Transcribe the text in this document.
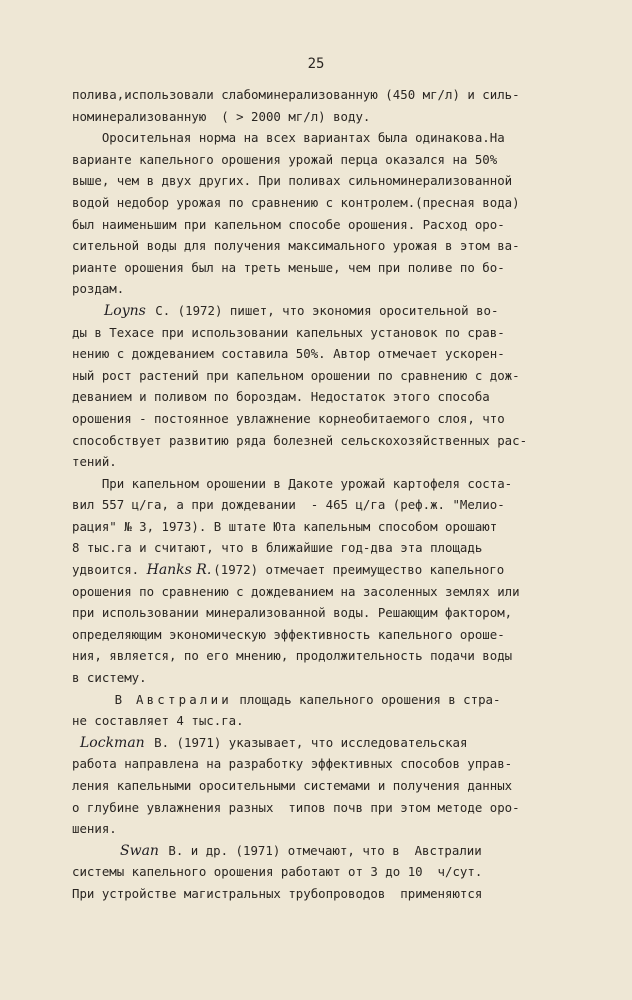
25
полива,использовали слабоминерализованную (450 мг/л) и силь-
номинерализованную  ( > 2000 мг/л) воду.
Оросительная норма на всех вариантах была одинакова.На
варианте капельного орошения урожай перца оказался на 50%
выше, чем в двух других. При поливах сильноминерализованной
водой недобор урожая по сравнению с контролем.(пресная вода)
был наименьшим при капельном способе орошения. Расход оро-
сительной воды для получения максимального урожая в этом ва-
рианте орошения был на треть меньше, чем при поливе по бо-
роздам.
Loyns С. (1972) пишет, что экономия оросительной во-
ды в Техасе при использовании капельных установок по срав-
нению с дождеванием составила 50%. Автор отмечает ускорен-
ный рост растений при капельном орошении по сравнению с дож-
деванием и поливом по бороздам. Недостаток этого способа
орошения - постоянное увлажнение корнеобитаемого слоя, что
способствует развитию ряда болезней сельскохозяйственных рас-
тений.
При капельном орошении в Дакоте урожай картофеля соста-
вил 557 ц/га, а при дождевании  - 465 ц/га (реф.ж. "Мелио-
рация" № 3, 1973). В штате Юта капельным способом орошают
8 тыс.га и считают, что в ближайшие год-два эта площадь
удвоится. Hanks R. (1972) отмечает преимущество капельного
орошения по сравнению с дождеванием на засоленных землях или
при использовании минерализованной воды. Решающим фактором,
определяющим экономическую эффективность капельного ороше-
ния, является, по его мнению, продолжительность подачи воды
в систему.
В Австралии площадь капельного орошения в стра-
не составляет 4 тыс.га.
Lockman B. (1971) указывает, что исследовательская
работа направлена на разработку эффективных способов управ-
ления капельными оросительными системами и получения данных
о глубине увлажнения разных  типов почв при этом методе оро-
шения.
Swan B. и др. (1971) отмечают, что в  Австралии
системы капельного орошения работают от 3 до 10  ч/сут.
При устройстве магистральных трубопроводов  применяются
